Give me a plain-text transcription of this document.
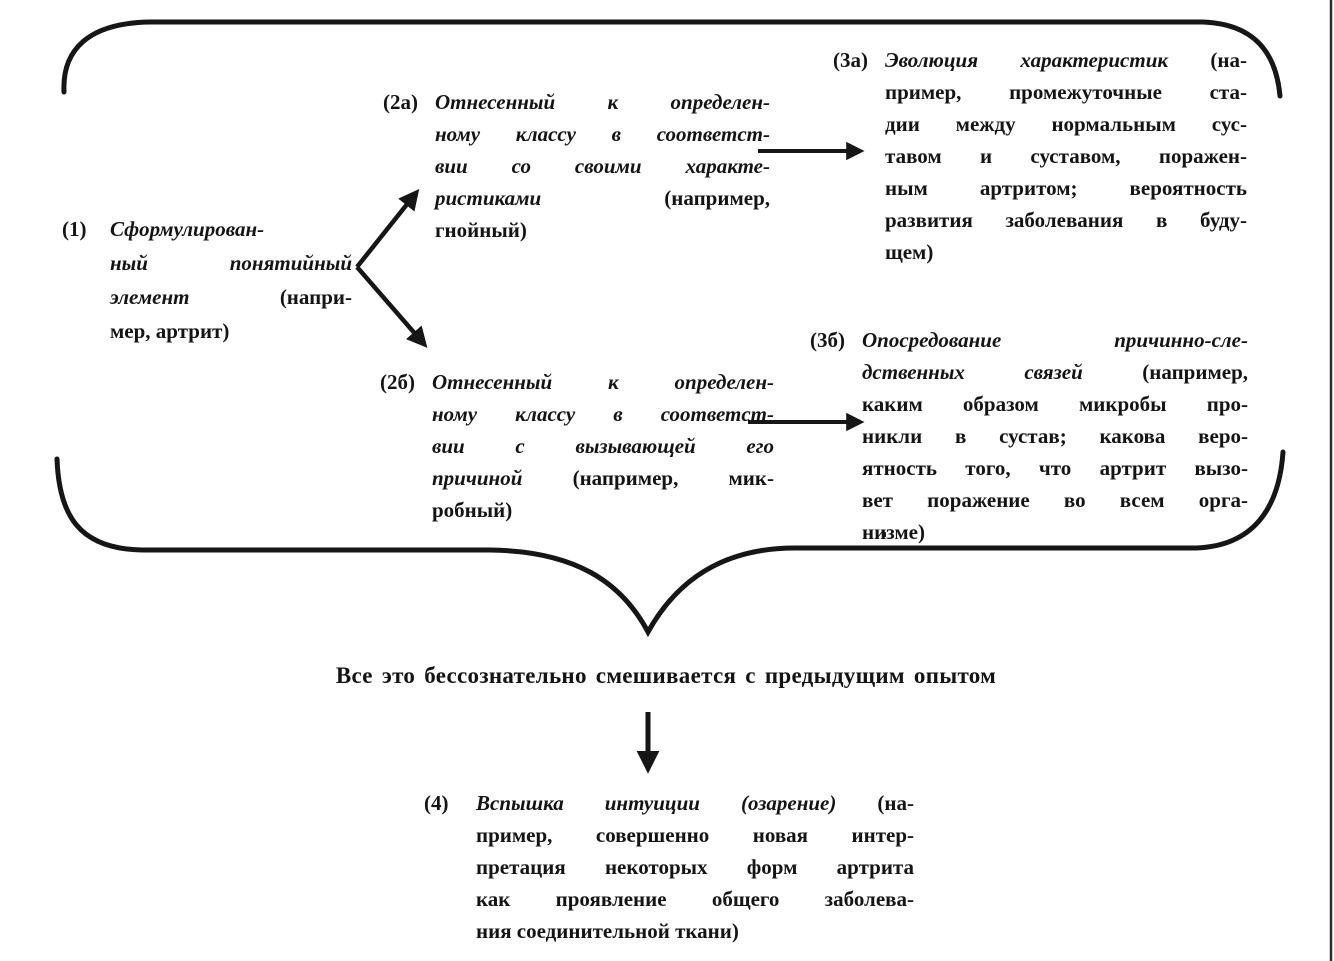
(1)	Сформулирован-
ный понятийный
элемент (напри-
мер, артрит)
(2а) Отнесенный к определен-
ному классу в соответст-
вии со своими характе-
ристиками (например,
гнойный)
(2б) Отнесенный к определен-
ному классу в соответст-
вии с вызывающей его
причиной (например, мик-
робный)
(3а) Эволюция характеристик (на-
пример, промежуточные ста-
дии между нормальным сус-
тавом и суставом, поражен-
ным артритом; вероятность
развития заболевания в буду-
щем)
(3б) Опосредование причинно-сле-
дственных связей (например,
каким образом микробы про-
никли в сустав; какова веро-
ятность того, что артрит вызо-
вет поражение во всем орга-
низме)
Все это бессознательно смешивается с предыдущим опытом
(4)	Вспышка интуиции (озарение) (на-
пример, совершенно новая интер-
претация некоторых форм артрита
как проявление общего заболева-
ния соединительной ткани)
